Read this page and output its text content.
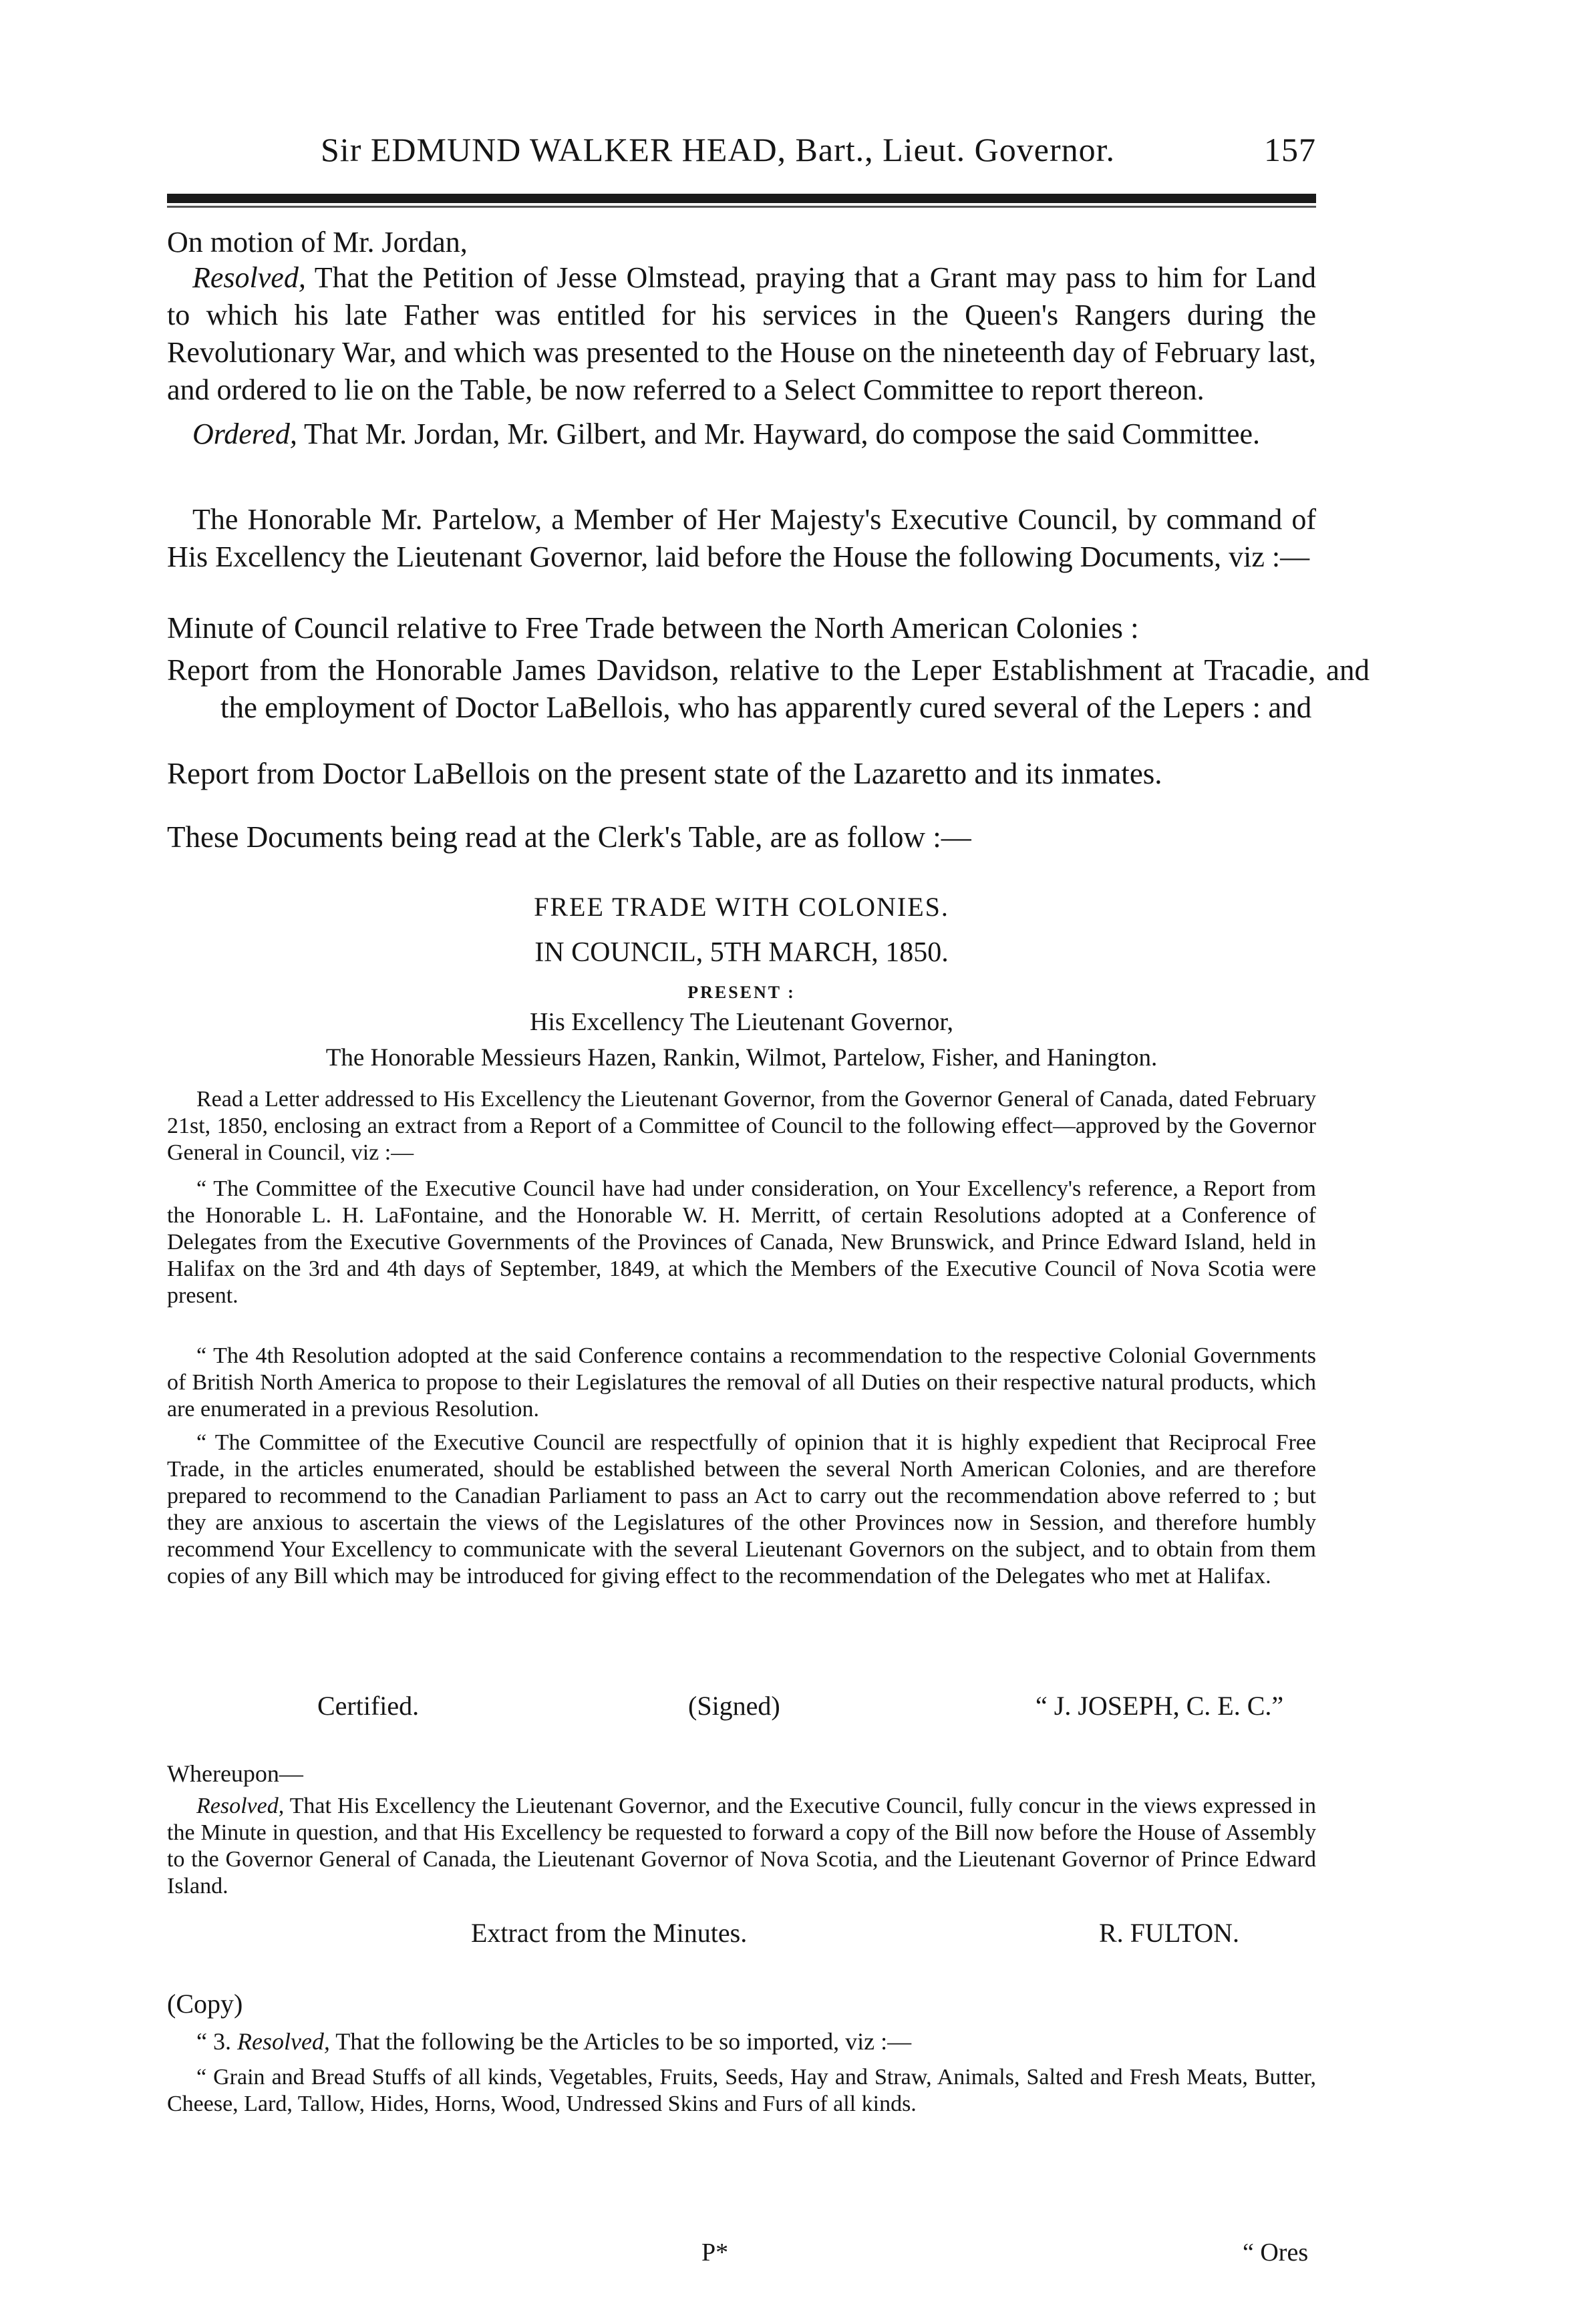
Sir EDMUND WALKER HEAD, Bart., Lieut. Governor.	157
On motion of Mr. Jordan,
Resolved, That the Petition of Jesse Olmstead, praying that a Grant may pass to him for Land to which his late Father was entitled for his services in the Queen's Rangers during the Revolutionary War, and which was presented to the House on the nineteenth day of February last, and ordered to lie on the Table, be now referred to a Select Committee to report thereon.
Ordered, That Mr. Jordan, Mr. Gilbert, and Mr. Hayward, do compose the said Committee.
The Honorable Mr. Partelow, a Member of Her Majesty's Executive Council, by command of His Excellency the Lieutenant Governor, laid before the House the following Documents, viz :—
Minute of Council relative to Free Trade between the North American Colonies :
Report from the Honorable James Davidson, relative to the Leper Establishment at Tracadie, and the employment of Doctor LaBellois, who has apparently cured several of the Lepers : and
Report from Doctor LaBellois on the present state of the Lazaretto and its inmates.
These Documents being read at the Clerk's Table, are as follow :—
FREE TRADE WITH COLONIES.
IN COUNCIL, 5TH MARCH, 1850.
PRESENT :
His Excellency The Lieutenant Governor,
The Honorable Messieurs Hazen, Rankin, Wilmot, Partelow, Fisher, and Hanington.
Read a Letter addressed to His Excellency the Lieutenant Governor, from the Governor General of Canada, dated February 21st, 1850, enclosing an extract from a Report of a Committee of Council to the following effect—approved by the Governor General in Council, viz :—
“ The Committee of the Executive Council have had under consideration, on Your Excellency's reference, a Report from the Honorable L. H. LaFontaine, and the Honorable W. H. Merritt, of certain Resolutions adopted at a Conference of Delegates from the Executive Governments of the Provinces of Canada, New Brunswick, and Prince Edward Island, held in Halifax on the 3rd and 4th days of September, 1849, at which the Members of the Executive Council of Nova Scotia were present.
“ The 4th Resolution adopted at the said Conference contains a recommendation to the respective Colonial Governments of British North America to propose to their Legislatures the removal of all Duties on their respective natural products, which are enumerated in a previous Resolution.
“ The Committee of the Executive Council are respectfully of opinion that it is highly expedient that Reciprocal Free Trade, in the articles enumerated, should be established between the several North American Colonies, and are therefore prepared to recommend to the Canadian Parliament to pass an Act to carry out the recommendation above referred to ; but they are anxious to ascertain the views of the Legislatures of the other Provinces now in Session, and therefore humbly recommend Your Excellency to communicate with the several Lieutenant Governors on the subject, and to obtain from them copies of any Bill which may be introduced for giving effect to the recommendation of the Delegates who met at Halifax.
Certified.	(Signed)	“ J. JOSEPH, C. E. C.”
Whereupon—
Resolved, That His Excellency the Lieutenant Governor, and the Executive Council, fully concur in the views expressed in the Minute in question, and that His Excellency be requested to forward a copy of the Bill now before the House of Assembly to the Governor General of Canada, the Lieutenant Governor of Nova Scotia, and the Lieutenant Governor of Prince Edward Island.
Extract from the Minutes.	R. FULTON.
(Copy)
“ 3. Resolved, That the following be the Articles to be so imported, viz :—
“ Grain and Bread Stuffs of all kinds, Vegetables, Fruits, Seeds, Hay and Straw, Animals, Salted and Fresh Meats, Butter, Cheese, Lard, Tallow, Hides, Horns, Wood, Undressed Skins and Furs of all kinds.
P*	“ Ores
